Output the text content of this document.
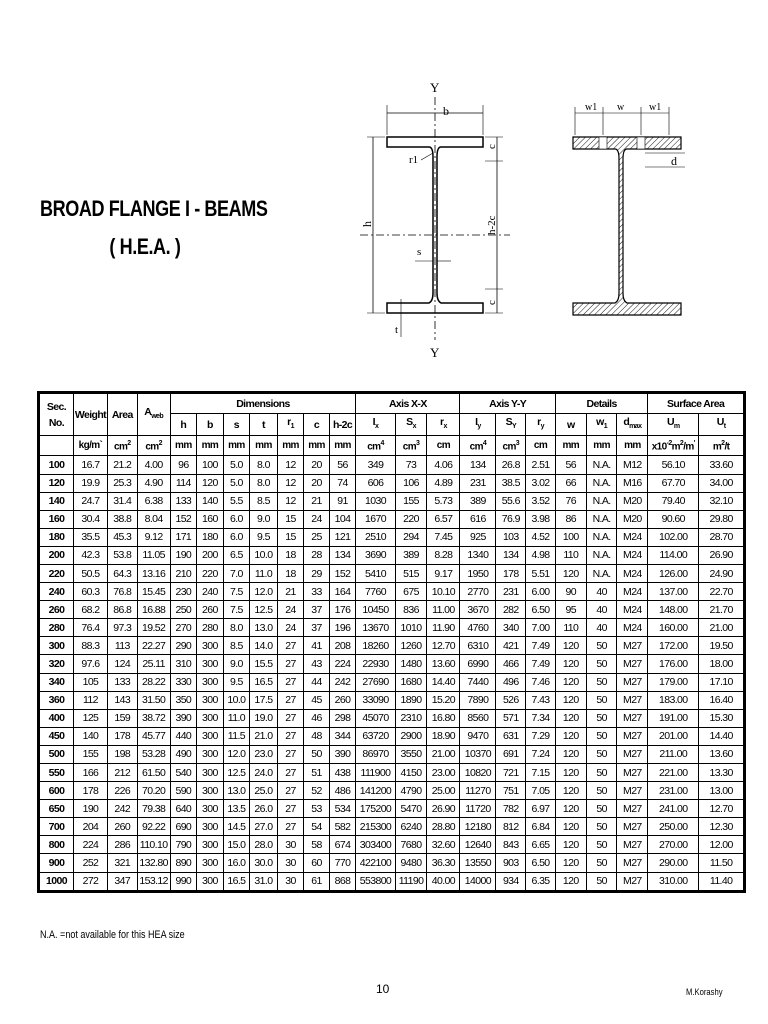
BROAD FLANGE I - BEAMS
( H.E.A. )
Y
Y
b
r1
c
h-2c
c
h
s
t
w1 w w1
d
Sec.
No.	Weight	Area	$A_{web}$	Dimensions							Axis X-X			Axis Y-Y			Details			Surface Area	
				h	b	s	t	$r_1$	c	h-2c	$I_x$	$S_x$	$r_x$	$I_y$	$S_Y$	$r_y$	w	$w_1$	$d_{max}$	$U_m$	$U_t$
	kg/m`	$cm^2$	$cm^2$	mm	mm	mm	mm	mm	mm	mm	$cm^4$	$cm^3$	cm	$cm^4$	$cm^3$	cm	mm	mm	mm	$x10^{-2}m^2/m'$	$m^2/t$
100	16.7	21.2	4.00	96	100	5.0	8.0	12	20	56	349	73	4.06	134	26.8	2.51	56	N.A.	M12	56.10	33.60
120	19.9	25.3	4.90	114	120	5.0	8.0	12	20	74	606	106	4.89	231	38.5	3.02	66	N.A.	M16	67.70	34.00
140	24.7	31.4	6.38	133	140	5.5	8.5	12	21	91	1030	155	5.73	389	55.6	3.52	76	N.A.	M20	79.40	32.10
160	30.4	38.8	8.04	152	160	6.0	9.0	15	24	104	1670	220	6.57	616	76.9	3.98	86	N.A.	M20	90.60	29.80
180	35.5	45.3	9.12	171	180	6.0	9.5	15	25	121	2510	294	7.45	925	103	4.52	100	N.A.	M24	102.00	28.70
200	42.3	53.8	11.05	190	200	6.5	10.0	18	28	134	3690	389	8.28	1340	134	4.98	110	N.A.	M24	114.00	26.90
220	50.5	64.3	13.16	210	220	7.0	11.0	18	29	152	5410	515	9.17	1950	178	5.51	120	N.A.	M24	126.00	24.90
240	60.3	76.8	15.45	230	240	7.5	12.0	21	33	164	7760	675	10.10	2770	231	6.00	90	40	M24	137.00	22.70
260	68.2	86.8	16.88	250	260	7.5	12.5	24	37	176	10450	836	11.00	3670	282	6.50	95	40	M24	148.00	21.70
280	76.4	97.3	19.52	270	280	8.0	13.0	24	37	196	13670	1010	11.90	4760	340	7.00	110	40	M24	160.00	21.00
300	88.3	113	22.27	290	300	8.5	14.0	27	41	208	18260	1260	12.70	6310	421	7.49	120	50	M27	172.00	19.50
320	97.6	124	25.11	310	300	9.0	15.5	27	43	224	22930	1480	13.60	6990	466	7.49	120	50	M27	176.00	18.00
340	105	133	28.22	330	300	9.5	16.5	27	44	242	27690	1680	14.40	7440	496	7.46	120	50	M27	179.00	17.10
360	112	143	31.50	350	300	10.0	17.5	27	45	260	33090	1890	15.20	7890	526	7.43	120	50	M27	183.00	16.40
400	125	159	38.72	390	300	11.0	19.0	27	46	298	45070	2310	16.80	8560	571	7.34	120	50	M27	191.00	15.30
450	140	178	45.77	440	300	11.5	21.0	27	48	344	63720	2900	18.90	9470	631	7.29	120	50	M27	201.00	14.40
500	155	198	53.28	490	300	12.0	23.0	27	50	390	86970	3550	21.00	10370	691	7.24	120	50	M27	211.00	13.60
550	166	212	61.50	540	300	12.5	24.0	27	51	438	111900	4150	23.00	10820	721	7.15	120	50	M27	221.00	13.30
600	178	226	70.20	590	300	13.0	25.0	27	52	486	141200	4790	25.00	11270	751	7.05	120	50	M27	231.00	13.00
650	190	242	79.38	640	300	13.5	26.0	27	53	534	175200	5470	26.90	11720	782	6.97	120	50	M27	241.00	12.70
700	204	260	92.22	690	300	14.5	27.0	27	54	582	215300	6240	28.80	12180	812	6.84	120	50	M27	250.00	12.30
800	224	286	110.10	790	300	15.0	28.0	30	58	674	303400	7680	32.60	12640	843	6.65	120	50	M27	270.00	12.00
900	252	321	132.80	890	300	16.0	30.0	30	60	770	422100	9480	36.30	13550	903	6.50	120	50	M27	290.00	11.50
1000	272	347	153.12	990	300	16.5	31.0	30	61	868	553800	11190	40.00	14000	934	6.35	120	50	M27	310.00	11.40
N.A. =not available for this HEA size
10	M.Korashy
